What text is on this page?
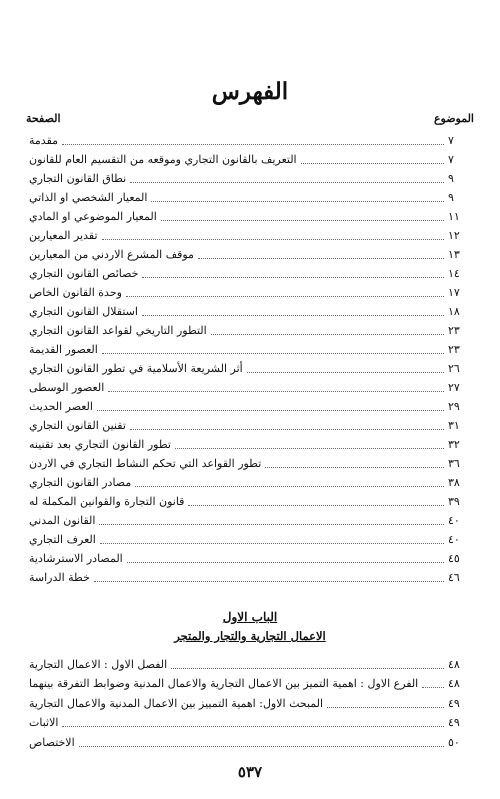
الفهرس
الموضوع
الصفحة
مقدمة	٧
التعريف بالقانون التجاري وموقعه من التقسيم العام للقانون	٧
نطاق القانون التجاري	٩
المعيار الشخصي او الذاتي	٩
المعيار الموضوعي او المادي	١١
تقدير المعيارين	١٢
موقف المشرع الاردني من المعيارين	١٣
خصائص القانون التجاري	١٤
وحدة القانون الخاص	١٧
استقلال القانون التجاري	١٨
التطور التاريخي لقواعد القانون التجاري	٢٣
العصور القديمة	٢٣
أثر الشريعة الأسلامية في تطور القانون التجاري	٢٦
العصور الوسطى	٢٧
العصر الحديث	٢٩
تقنين القانون التجاري	٣١
تطور القانون التجاري بعد تقنينه	٣٢
تطور القواعد التي تحكم النشاط التجاري في الاردن	٣٦
مصادر القانون التجاري	٣٨
قانون التجارة والقوانين المكملة له	٣٩
القانون المدني	٤٠
العرف التجاري	٤٠
المصادر الاسترشادية	٤٥
خطة الدراسة	٤٦
الباب الاول
الاعمال التجارية والتجار والمتجر
الفصل الاول : الاعمال التجارية	٤٨
الفرع الاول : اهمية التميز بين الاعمال التجارية والاعمال المدنية وضوابط التفرقة بينهما	٤٨
المبحث الاول: اهمية التمييز بين الاعمال المدنية والاعمال التجارية	٤٩
الاثبات	٤٩
الاختصاص	٥٠
٥٣٧
